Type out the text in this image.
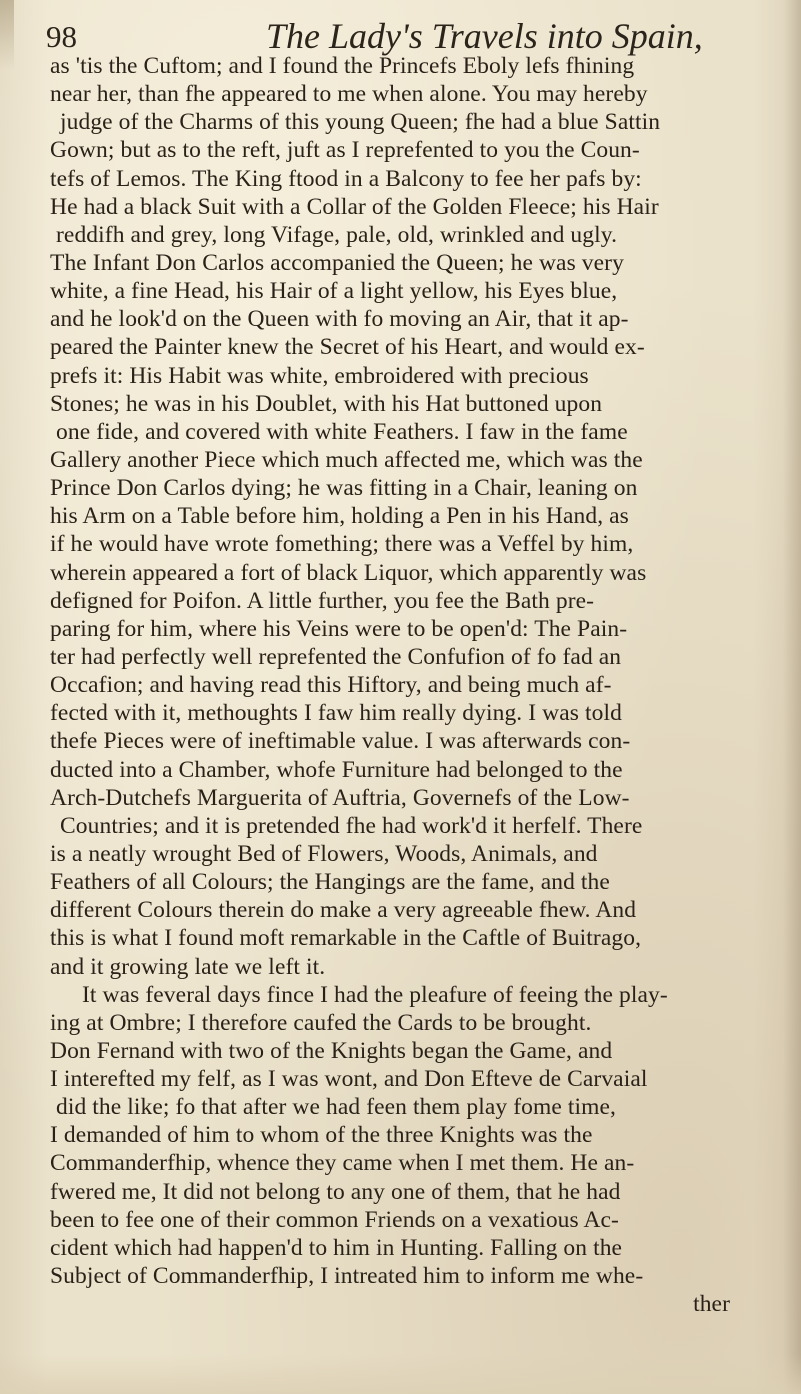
98	The Lady's Travels into Spain,
as 'tis the Cuftom; and I found the Princefs Eboly lefs fhining
near her, than fhe appeared to me when alone. You may hereby
judge of the Charms of this young Queen; fhe had a blue Sattin
Gown; but as to the reft, juft as I reprefented to you the Coun-
tefs of Lemos. The King ftood in a Balcony to fee her pafs by:
He had a black Suit with a Collar of the Golden Fleece; his Hair
reddifh and grey, long Vifage, pale, old, wrinkled and ugly.
The Infant Don Carlos accompanied the Queen; he was very
white, a fine Head, his Hair of a light yellow, his Eyes blue,
and he look'd on the Queen with fo moving an Air, that it ap-
peared the Painter knew the Secret of his Heart, and would ex-
prefs it: His Habit was white, embroidered with precious
Stones; he was in his Doublet, with his Hat buttoned upon
one fide, and covered with white Feathers. I faw in the fame
Gallery another Piece which much affected me, which was the
Prince Don Carlos dying; he was fitting in a Chair, leaning on
his Arm on a Table before him, holding a Pen in his Hand, as
if he would have wrote fomething; there was a Veffel by him,
wherein appeared a fort of black Liquor, which apparently was
defigned for Poifon. A little further, you fee the Bath pre-
paring for him, where his Veins were to be open'd: The Pain-
ter had perfectly well reprefented the Confufion of fo fad an
Occafion; and having read this Hiftory, and being much af-
fected with it, methoughts I faw him really dying. I was told
thefe Pieces were of ineftimable value. I was afterwards con-
ducted into a Chamber, whofe Furniture had belonged to the
Arch-Dutchefs Marguerita of Auftria, Governefs of the Low-
Countries; and it is pretended fhe had work'd it herfelf. There
is a neatly wrought Bed of Flowers, Woods, Animals, and
Feathers of all Colours; the Hangings are the fame, and the
different Colours therein do make a very agreeable fhew. And
this is what I found moft remarkable in the Caftle of Buitrago,
and it growing late we left it.
It was feveral days fince I had the pleafure of feeing the play-
ing at Ombre; I therefore caufed the Cards to be brought.
Don Fernand with two of the Knights began the Game, and
I interefted my felf, as I was wont, and Don Efteve de Carvaial
did the like; fo that after we had feen them play fome time,
I demanded of him to whom of the three Knights was the
Commanderfhip, whence they came when I met them. He an-
fwered me, It did not belong to any one of them, that he had
been to fee one of their common Friends on a vexatious Ac-
cident which had happen'd to him in Hunting. Falling on the
Subject of Commanderfhip, I intreated him to inform me whe-
ther
